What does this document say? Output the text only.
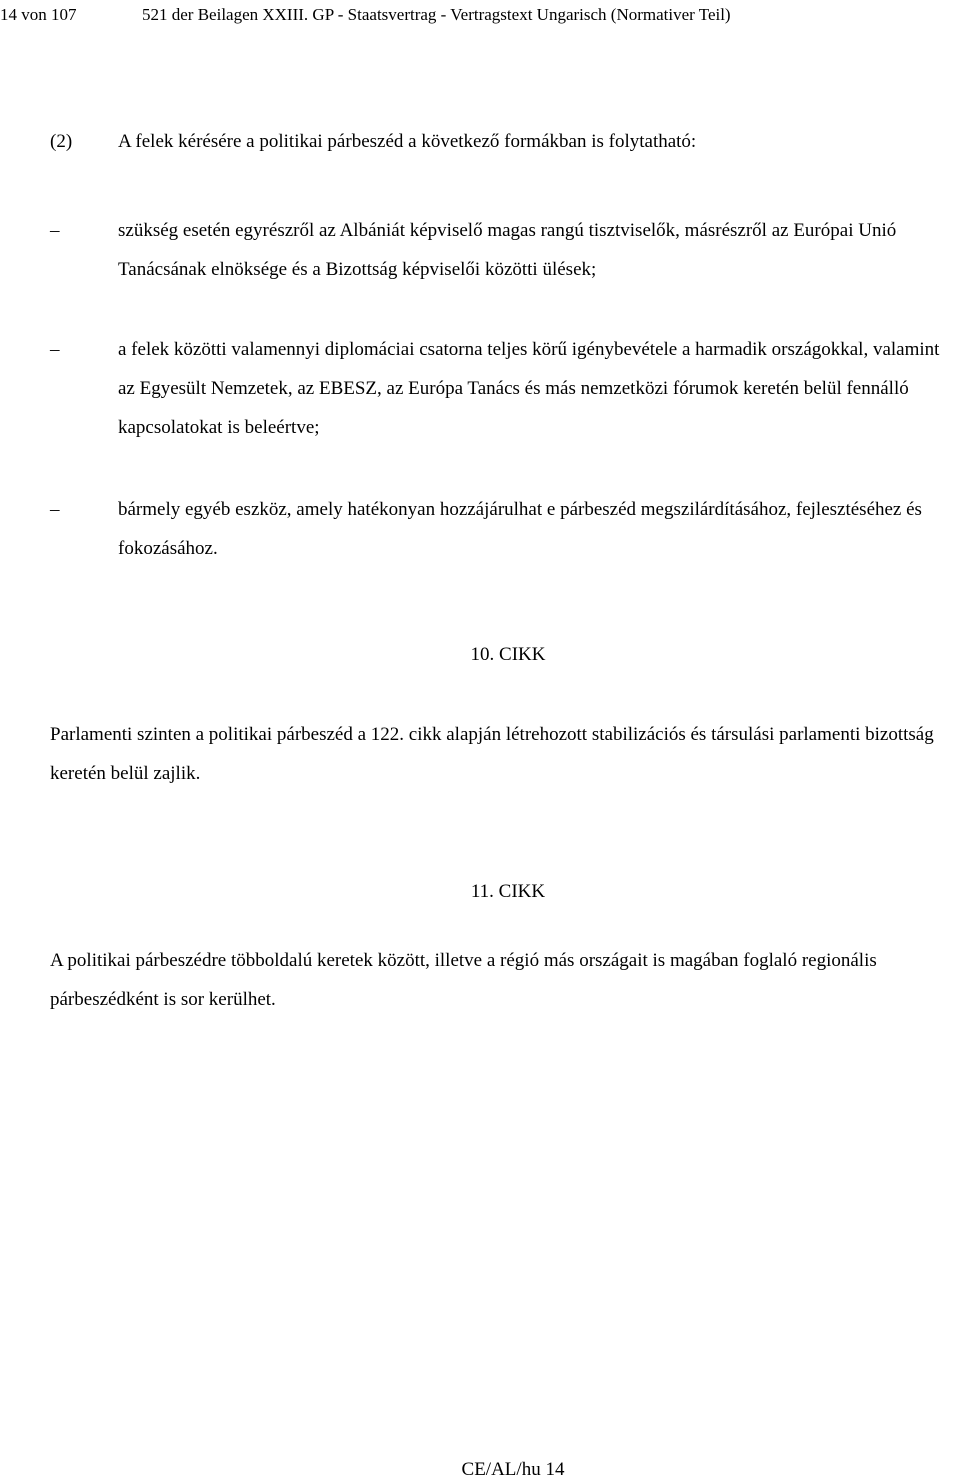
14 von 107	521 der Beilagen XXIII. GP - Staatsvertrag - Vertragstext Ungarisch (Normativer Teil)
(2) A felek kérésére a politikai párbeszéd a következő formákban is folytatható:
–	szükség esetén egyrészről az Albániát képviselő magas rangú tisztviselők, másrészről az Európai Unió Tanácsának elnöksége és a Bizottság képviselői közötti ülések;
–	a felek közötti valamennyi diplomáciai csatorna teljes körű igénybevétele a harmadik országokkal, valamint az Egyesült Nemzetek, az EBESZ, az Európa Tanács és más nemzetközi fórumok keretén belül fennálló kapcsolatokat is beleértve;
–	bármely egyéb eszköz, amely hatékonyan hozzájárulhat e párbeszéd megszilárdításához, fejlesztéséhez és fokozásához.
10. CIKK
Parlamenti szinten a politikai párbeszéd a 122. cikk alapján létrehozott stabilizációs és társulási parlamenti bizottság keretén belül zajlik.
11. CIKK
A politikai párbeszédre többoldalú keretek között, illetve a régió más országait is magában foglaló regionális párbeszédként is sor kerülhet.
CE/AL/hu 14
